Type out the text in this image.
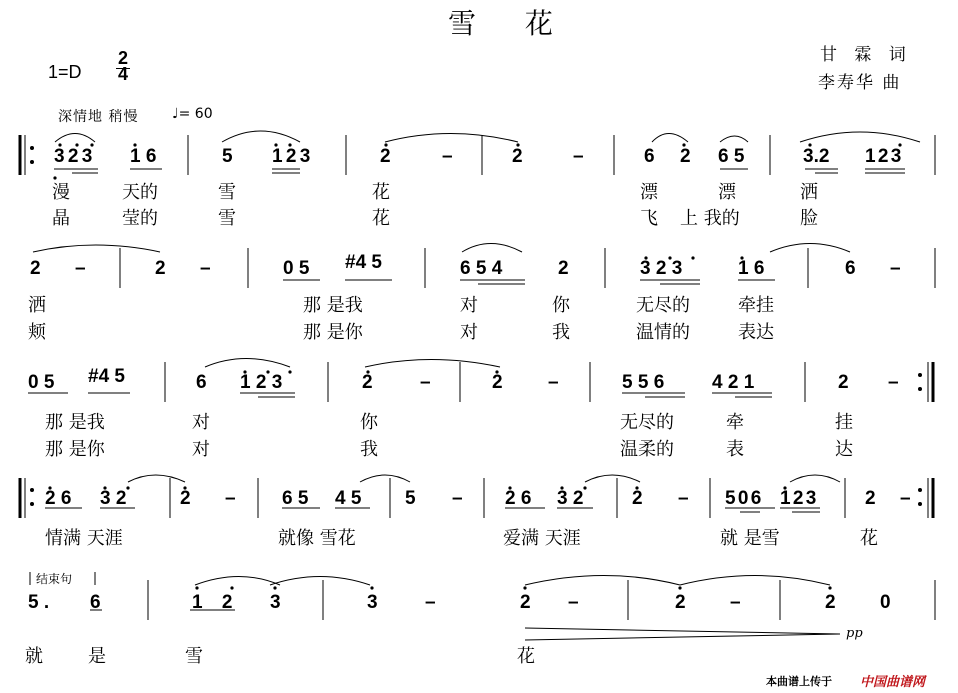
雪 花
甘 霖 词
李寿华 曲
1=D
2
4
深情地 稍慢 ♩= 60
3 2 3 1 6	5 1 2 3	2	–	2	–	6 2 6 5	3.2 1 2 3
漫	天的	雪	花	漂	漂	洒
晶	莹的	雪	花	飞 上 我的	脸
2 –	2 –	0 5 #4 5	6 5 4	2	3 2 3	1 6	6 –
洒	那 是我	对	你	无尽的	牵挂
颊	那 是你	对	我	温情的	表达
0 5 #4 5	6 1 2 3	2 –	2 –	5 5 6	4 2 1	2 –
那 是我	对	你	无尽的	牵	挂
那 是你	对	我	温柔的	表	达
2 6 3 2	2 – 6 5 4 5 5 – 2 6 3 2	2 – 5 0 6 1 2 3	2 –
情满 天涯	就像 雪花	爱满 天涯	就 是雪	花
结束句
5 . 6	1 2 3	3 –	2 –	2 –	2 0
pp
就	是	雪	花
本曲谱上传于 中国曲谱网
